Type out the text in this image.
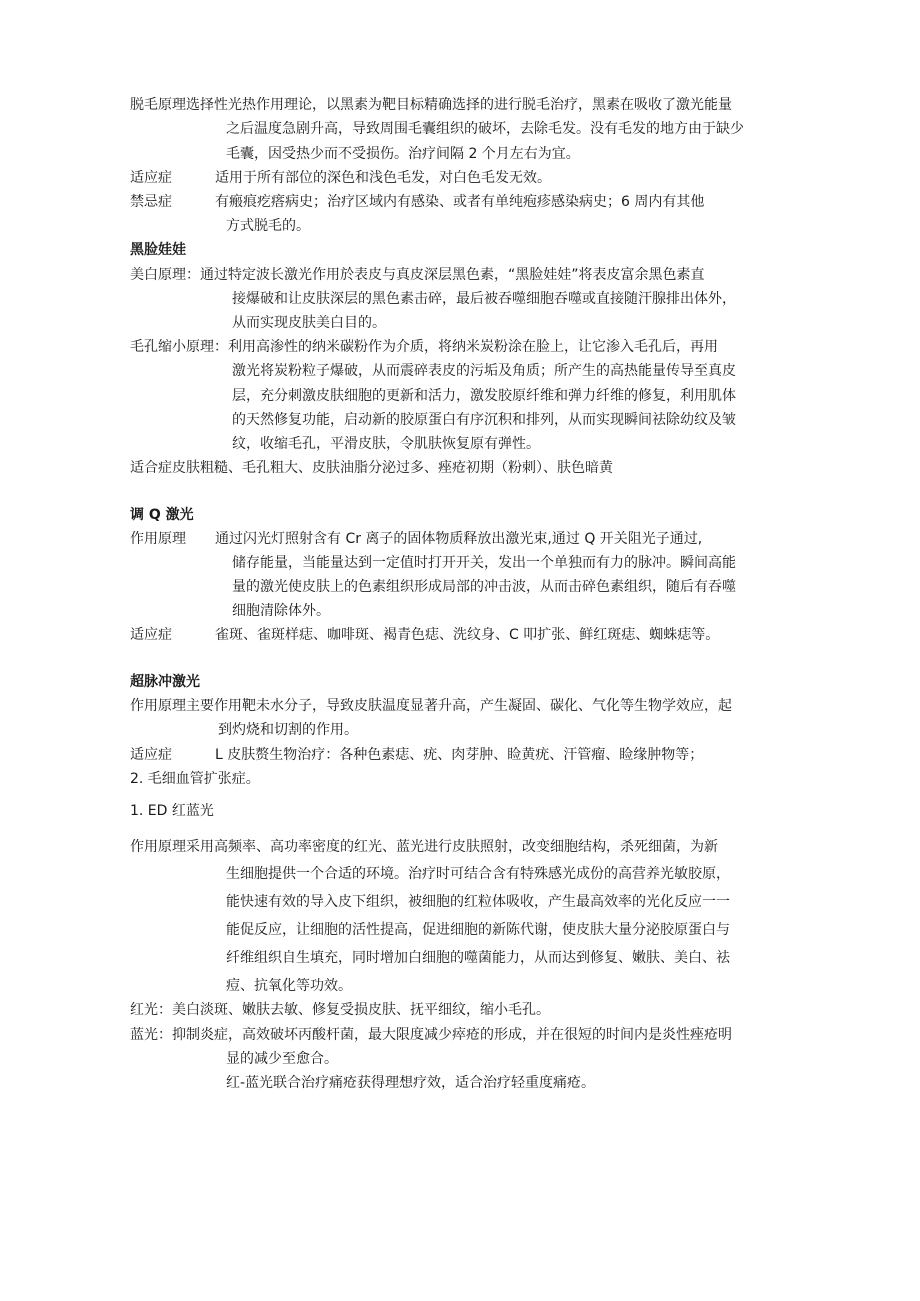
脱毛原理选择性光热作用理论，以黑素为靶目标精确选择的进行脱毛治疗，黑素在吸收了激光能量
之后温度急剧升高，导致周围毛囊组织的破坏，去除毛发。没有毛发的地方由于缺少
毛囊，因受热少而不受损伤。治疗间隔 2 个月左右为宜。
适应症	适用于所有部位的深色和浅色毛发，对白色毛发无效。
禁忌症	有瘢痕疙瘩病史；治疗区域内有感染、或者有单纯疱疹感染病史；6 周内有其他
方式脱毛的。
黑脸娃娃
美白原理：通过特定波长激光作用於表皮与真皮深层黑色素，“黑脸娃娃”将表皮富余黑色素直
接爆破和让皮肤深层的黑色素击碎，最后被吞噬细胞吞噬或直接随汗腺排出体外，
从而实现皮肤美白目的。
毛孔缩小原理：利用高渗性的纳米碳粉作为介质，将纳米炭粉涂在脸上，让它渗入毛孔后，再用
激光将炭粉粒子爆破，从而震碎表皮的污垢及角质；所产生的高热能量传导至真皮
层，充分刺激皮肤细胞的更新和活力，激发胶原纤维和弹力纤维的修复，利用肌体
的天然修复功能，启动新的胶原蛋白有序沉积和排列，从而实现瞬间祛除幼纹及皱
纹，收缩毛孔，平滑皮肤，令肌肤恢复原有弹性。
适合症皮肤粗糙、毛孔粗大、皮肤油脂分泌过多、痤疮初期（粉刺）、肤色暗黄
调 Q 激光
作用原理 通过闪光灯照射含有 Cr 离子的固体物质释放出激光束,通过 Q 开关阻光子通过,
储存能量，当能量达到一定值时打开开关，发出一个单独而有力的脉冲。瞬间高能
量的激光使皮肤上的色素组织形成局部的冲击波，从而击碎色素组织，随后有吞噬
细胞清除体外。
适应症	雀斑、雀斑样痣、咖啡斑、褐青色痣、洗纹身、C 叩扩张、鲜红斑痣、蜘蛛痣等。
超脉冲激光
作用原理主要作用靶未水分子，导致皮肤温度显著升高，产生凝固、碳化、气化等生物学效应，起
到灼烧和切割的作用。
适应症	L 皮肤赘生物治疗：各种色素痣、疣、肉芽肿、睑黄疣、汗管瘤、睑缘肿物等；
2. 毛细血管扩张症。
1. ED 红蓝光
作用原理采用高频率、高功率密度的红光、蓝光进行皮肤照射，改变细胞结构，杀死细菌，为新
生细胞提供一个合适的环境。治疗时可结合含有特殊感光成份的高营养光敏胶原，
能快速有效的导入皮下组织，被细胞的红粒体吸收，产生最高效率的光化反应一一
能促反应，让细胞的活性提高，促进细胞的新陈代谢，使皮肤大量分泌胶原蛋白与
纤维组织自生填充，同时增加白细胞的噬菌能力，从而达到修复、嫩肤、美白、祛
痘、抗氧化等功效。
红光：美白淡斑、嫩肤去敏、修复受损皮肤、抚平细纹，缩小毛孔。
蓝光：抑制炎症，高效破坏丙酸杆菌，最大限度减少瘁疮的形成，并在很短的时间内是炎性痤疮明
显的减少至愈合。
红-蓝光联合治疗痛疮获得理想疗效，适合治疗轻重度痛疮。
